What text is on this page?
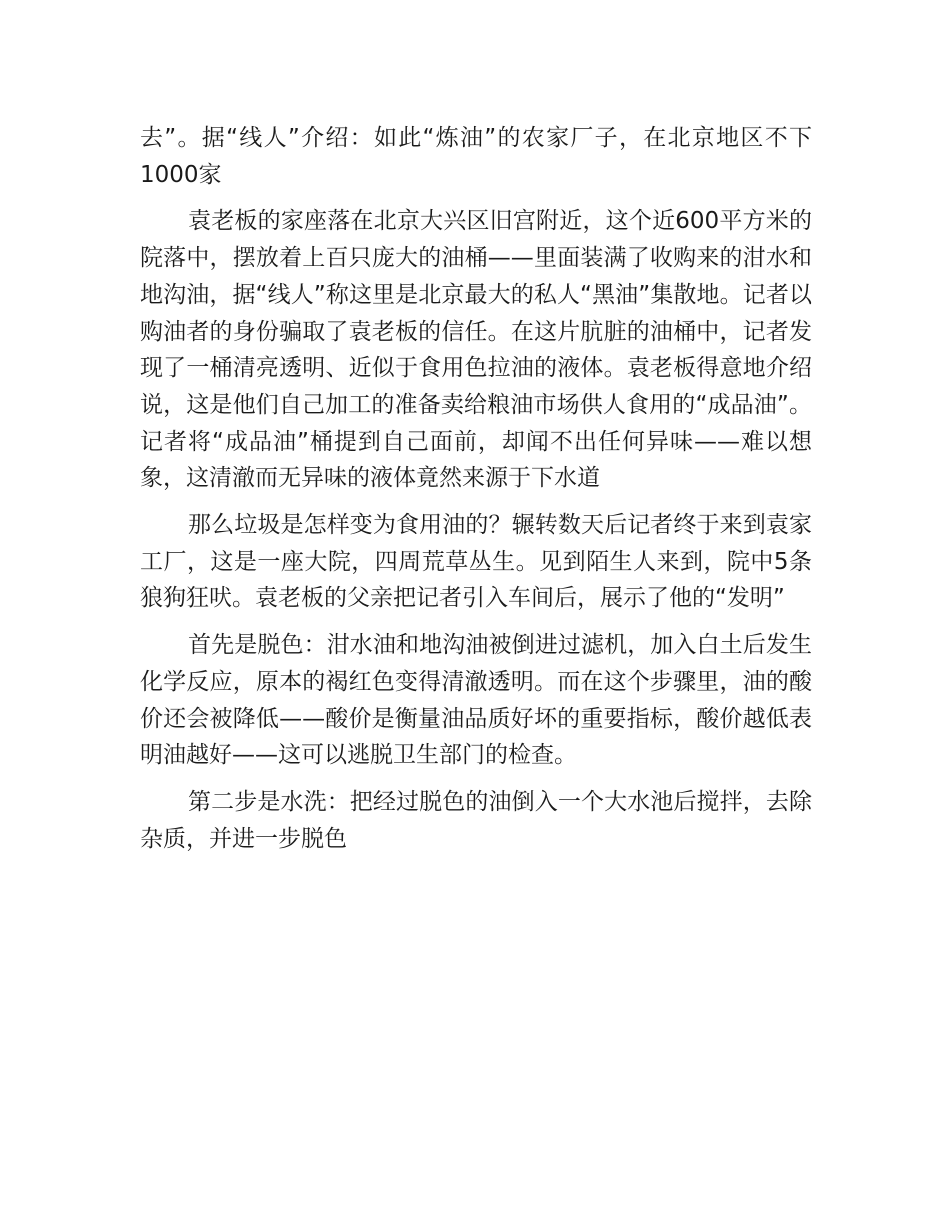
去”。据“线人”介绍：如此“炼油”的农家厂子，在北京地区不下1000家

袁老板的家座落在北京大兴区旧宫附近，这个近600平方米的院落中，摆放着上百只庞大的油桶——里面装满了收购来的泔水和地沟油，据“线人”称这里是北京最大的私人“黑油”集散地。记者以购油者的身份骗取了袁老板的信任。在这片肮脏的油桶中，记者发现了一桶清亮透明、近似于食用色拉油的液体。袁老板得意地介绍说，这是他们自己加工的准备卖给粮油市场供人食用的“成品油”。记者将“成品油”桶提到自己面前，却闻不出任何异味——难以想象，这清澈而无异味的液体竟然来源于下水道

那么垃圾是怎样变为食用油的？辗转数天后记者终于来到袁家工厂，这是一座大院，四周荒草丛生。见到陌生人来到，院中5条狼狗狂吠。袁老板的父亲把记者引入车间后，展示了他的“发明”

首先是脱色：泔水油和地沟油被倒进过滤机，加入白土后发生化学反应，原本的褐红色变得清澈透明。而在这个步骤里，油的酸价还会被降低——酸价是衡量油品质好坏的重要指标，酸价越低表明油越好——这可以逃脱卫生部门的检查。

第二步是水洗：把经过脱色的油倒入一个大水池后搅拌，去除杂质，并进一步脱色
